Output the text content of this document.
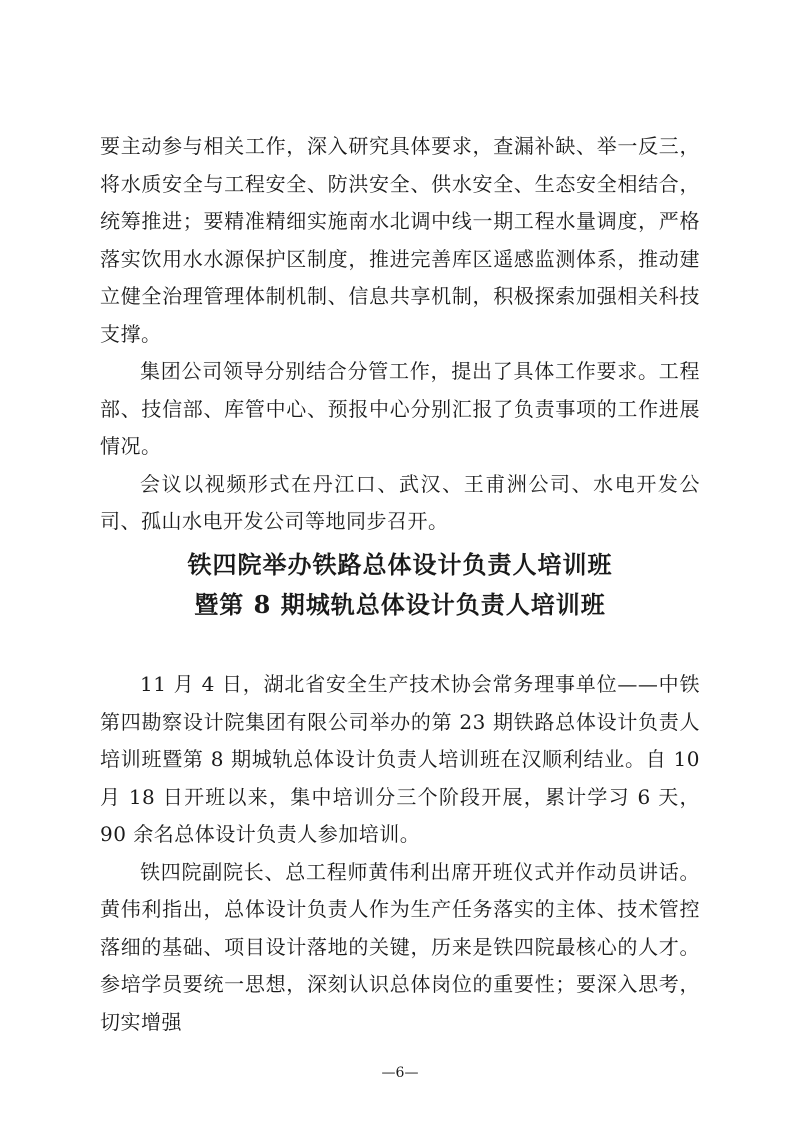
要主动参与相关工作，深入研究具体要求，查漏补缺、举一反三，将水质安全与工程安全、防洪安全、供水安全、生态安全相结合，统筹推进；要精准精细实施南水北调中线一期工程水量调度，严格落实饮用水水源保护区制度，推进完善库区遥感监测体系，推动建立健全治理管理体制机制、信息共享机制，积极探索加强相关科技支撑。

集团公司领导分别结合分管工作，提出了具体工作要求。工程部、技信部、库管中心、预报中心分别汇报了负责事项的工作进展情况。

会议以视频形式在丹江口、武汉、王甫洲公司、水电开发公司、孤山水电开发公司等地同步召开。

铁四院举办铁路总体设计负责人培训班

暨第 8 期城轨总体设计负责人培训班

11 月 4 日，湖北省安全生产技术协会常务理事单位——中铁第四勘察设计院集团有限公司举办的第 23 期铁路总体设计负责人培训班暨第 8 期城轨总体设计负责人培训班在汉顺利结业。自 10 月 18 日开班以来，集中培训分三个阶段开展，累计学习 6 天，90 余名总体设计负责人参加培训。

铁四院副院长、总工程师黄伟利出席开班仪式并作动员讲话。黄伟利指出，总体设计负责人作为生产任务落实的主体、技术管控落细的基础、项目设计落地的关键，历来是铁四院最核心的人才。参培学员要统一思想，深刻认识总体岗位的重要性；要深入思考，切实增强

—6—
